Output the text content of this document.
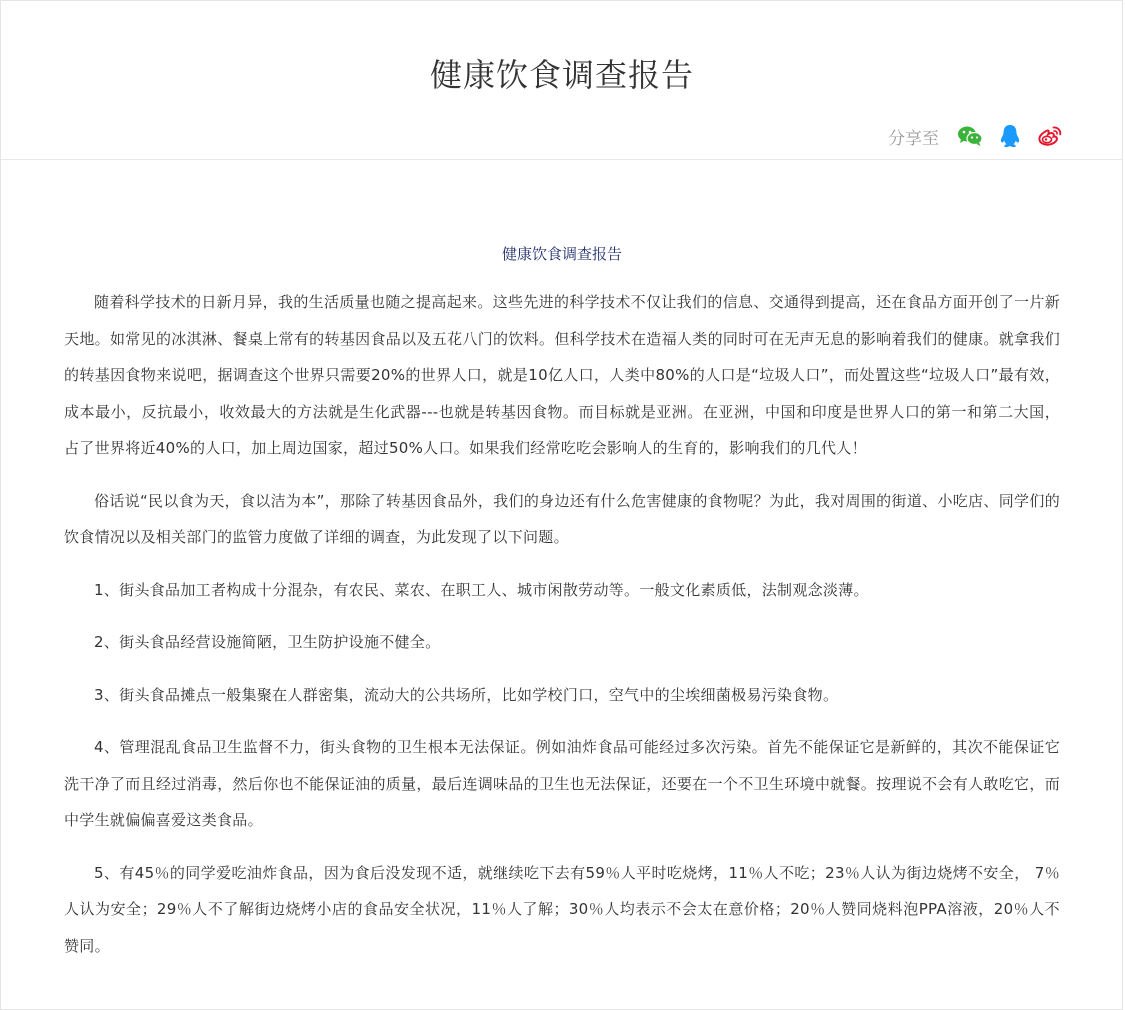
健康饮食调查报告
分享至
健康饮食调查报告

随着科学技术的日新月异，我的生活质量也随之提高起来。这些先进的科学技术不仅让我们的信息、交通得到提高，还在食品方面开创了一片新天地。如常见的冰淇淋、餐桌上常有的转基因食品以及五花八门的饮料。但科学技术在造福人类的同时可在无声无息的影响着我们的健康。就拿我们的转基因食物来说吧，据调查这个世界只需要20%的世界人口，就是10亿人口，人类中80%的人口是“垃圾人口”，而处置这些“垃圾人口”最有效，成本最小，反抗最小，收效最大的方法就是生化武器---也就是转基因食物。而目标就是亚洲。在亚洲，中国和印度是世界人口的第一和第二大国，占了世界将近40%的人口，加上周边国家，超过50%人口。如果我们经常吃吃会影响人的生育的，影响我们的几代人！

俗话说“民以食为天，食以洁为本”，那除了转基因食品外，我们的身边还有什么危害健康的食物呢？为此，我对周围的街道、小吃店、同学们的饮食情况以及相关部门的监管力度做了详细的调查，为此发现了以下问题。

1、街头食品加工者构成十分混杂，有农民、菜农、在职工人、城市闲散劳动等。一般文化素质低，法制观念淡薄。

2、街头食品经营设施简陋，卫生防护设施不健全。

3、街头食品摊点一般集聚在人群密集，流动大的公共场所，比如学校门口，空气中的尘埃细菌极易污染食物。

4、管理混乱食品卫生监督不力，街头食物的卫生根本无法保证。例如油炸食品可能经过多次污染。首先不能保证它是新鲜的，其次不能保证它洗干净了而且经过消毒，然后你也不能保证油的质量，最后连调味品的卫生也无法保证，还要在一个不卫生环境中就餐。按理说不会有人敢吃它，而中学生就偏偏喜爱这类食品。

5、有45％的同学爱吃油炸食品，因为食后没发现不适，就继续吃下去有59％人平时吃烧烤，11％人不吃；23％人认为街边烧烤不安全， 7％人认为安全；29％人不了解街边烧烤小店的食品安全状况，11％人了解；30％人均表示不会太在意价格；20％人赞同烧料泡PPA溶液，20％人不赞同。
